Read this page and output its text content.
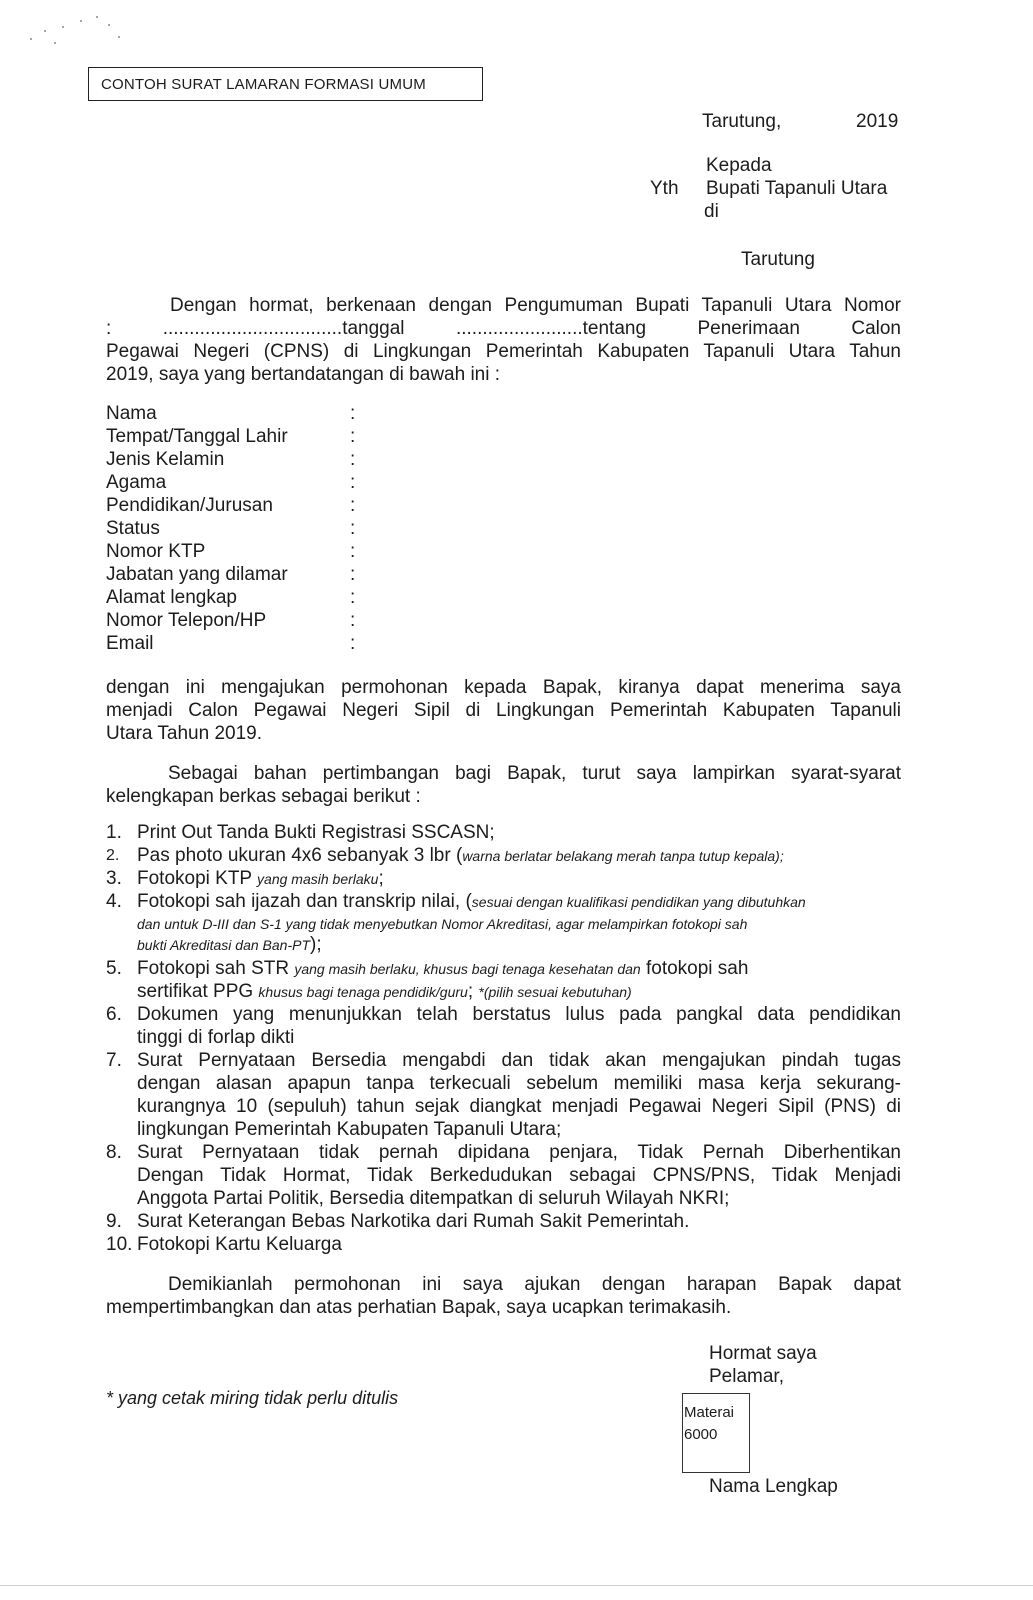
CONTOH SURAT LAMARAN FORMASI UMUM
Tarutung,	2019
Kepada
Yth Bupati Tapanuli Utara
di
Tarutung
Dengan hormat, berkenaan dengan Pengumuman Bupati Tapanuli Utara Nomor
: ..................................tanggal ........................tentang Penerimaan Calon
Pegawai Negeri (CPNS) di Lingkungan Pemerintah Kabupaten Tapanuli Utara Tahun
2019, saya yang bertandatangan di bawah ini :
Nama
Tempat/Tanggal Lahir
Jenis Kelamin
Agama
Pendidikan/Jurusan
Status
Nomor KTP
Jabatan yang dilamar
Alamat lengkap
Nomor Telepon/HP
Email
:
:
:
:
:
:
:
:
:
:
:
dengan ini mengajukan permohonan kepada Bapak, kiranya dapat menerima saya
menjadi Calon Pegawai Negeri Sipil di Lingkungan Pemerintah Kabupaten Tapanuli
Utara Tahun 2019.
Sebagai bahan pertimbangan bagi Bapak, turut saya lampirkan syarat-syarat
kelengkapan berkas sebagai berikut :
1. Print Out Tanda Bukti Registrasi SSCASN;
2. Pas photo ukuran 4x6 sebanyak 3 lbr (warna berlatar belakang merah tanpa tutup kepala);
3. Fotokopi KTP yang masih berlaku;
4. Fotokopi sah ijazah dan transkrip nilai, (sesuai dengan kualifikasi pendidikan yang dibutuhkan
dan untuk D-III dan S-1 yang tidak menyebutkan Nomor Akreditasi, agar melampirkan fotokopi sah
bukti Akreditasi dan Ban-PT);
5. Fotokopi sah STR yang masih berlaku, khusus bagi tenaga kesehatan dan fotokopi sah
sertifikat PPG khusus bagi tenaga pendidik/guru; *(pilih sesuai kebutuhan)
6. Dokumen yang menunjukkan telah berstatus lulus pada pangkal data pendidikan
tinggi di forlap dikti
7. Surat Pernyataan Bersedia mengabdi dan tidak akan mengajukan pindah tugas
dengan alasan apapun tanpa terkecuali sebelum memiliki masa kerja sekurang-
kurangnya 10 (sepuluh) tahun sejak diangkat menjadi Pegawai Negeri Sipil (PNS) di
lingkungan Pemerintah Kabupaten Tapanuli Utara;
8. Surat Pernyataan tidak pernah dipidana penjara, Tidak Pernah Diberhentikan
Dengan Tidak Hormat, Tidak Berkedudukan sebagai CPNS/PNS, Tidak Menjadi
Anggota Partai Politik, Bersedia ditempatkan di seluruh Wilayah NKRI;
9. Surat Keterangan Bebas Narkotika dari Rumah Sakit Pemerintah.
10. Fotokopi Kartu Keluarga
Demikianlah permohonan ini saya ajukan dengan harapan Bapak dapat
mempertimbangkan dan atas perhatian Bapak, saya ucapkan terimakasih.
Hormat saya
Pelamar,
* yang cetak miring tidak perlu ditulis
Materai
6000
Nama Lengkap
